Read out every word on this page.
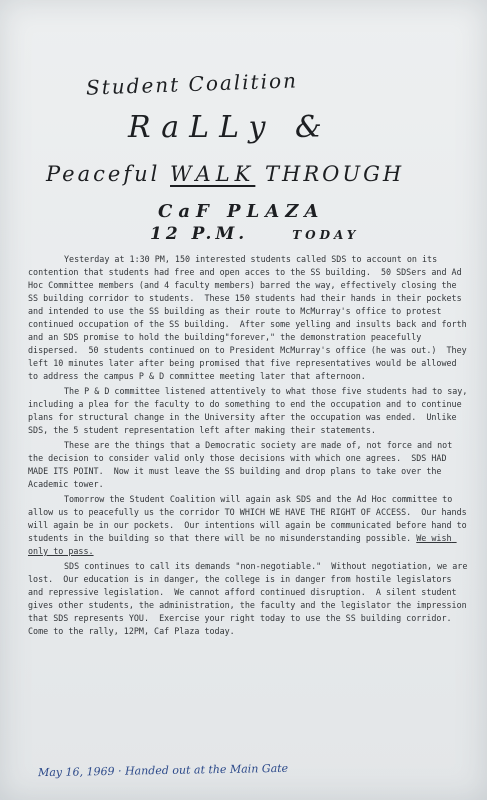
Student Coalition
RaLLy &
Peaceful WALK THROUGH
CaF PLAZA
12 P.M.	TODAY

Yesterday at 1:30 PM, 150 interested students called SDS to account on its contention that students had free and open acces to the SS building.  50 SDSers and Ad Hoc Committee members (and 4 faculty members) barred the way, effectively closing the SS building corridor to students.  These 150 students had their hands in their pockets and intended to use the SS building as their route to McMurray's office to protest continued occupation of the SS building.  After some yelling and insults back and forth and an SDS promise to hold the building"forever," the demonstration peacefully dispersed.  50 students continued on to President McMurray's office (he was out.)  They left 10 minutes later after being promised that five representatives would be allowed to address the campus P & D committee meeting later that afternoon.

The P & D committee listened attentively to what those five students had to say, including a plea for the faculty to do something to end the occupation and to continue plans for structural change in the University after the occupation was ended.  Unlike SDS, the 5 student representation left after making their statements.

These are the things that a Democratic society are made of, not force and not the decision to consider valid only those decisions with which one agrees.  SDS HAD MADE ITS POINT.  Now it must leave the SS building and drop plans to take over the Academic tower.

Tomorrow the Student Coalition will again ask SDS and the Ad Hoc committee to allow us to peacefully us the corridor TO WHICH WE HAVE THE RIGHT OF ACCESS.  Our hands will again be in our pockets.  Our intentions will again be communicated before hand to students in the building so that there will be no misunderstanding possible. We wish only to pass.

SDS continues to call its demands "non-negotiable."  Without negotiation, we are lost.  Our education is in danger, the college is in danger from hostile legislators and repressive legislation.  We cannot afford continued disruption.  A silent student gives other students, the administration, the faculty and the legislator the impression that SDS represents YOU.  Exercise your right today to use the SS building corridor.  Come to the rally, 12PM, Caf Plaza today.

May 16, 1969 · Handed out at the Main Gate
